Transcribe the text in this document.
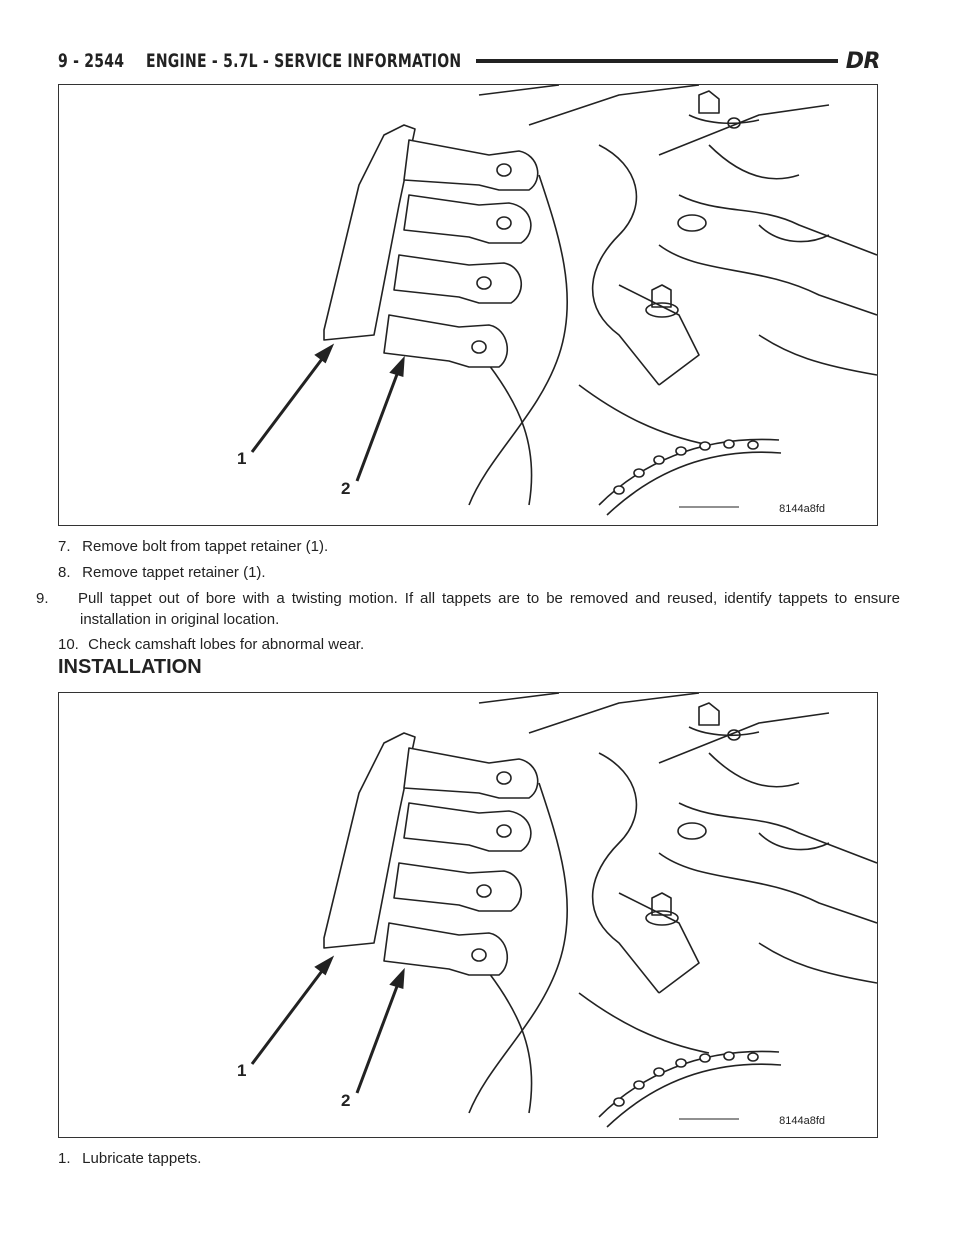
9 - 2544	ENGINE - 5.7L - SERVICE INFORMATION	DR
1
2
8144a8fd
7. Remove bolt from tappet retainer (1).
8. Remove tappet retainer (1).
9. Pull tappet out of bore with a twisting motion. If all tappets are to be removed and reused, identify tappets to ensure installation in original location.
10. Check camshaft lobes for abnormal wear.
INSTALLATION
1
2
8144a8fd
1. Lubricate tappets.
